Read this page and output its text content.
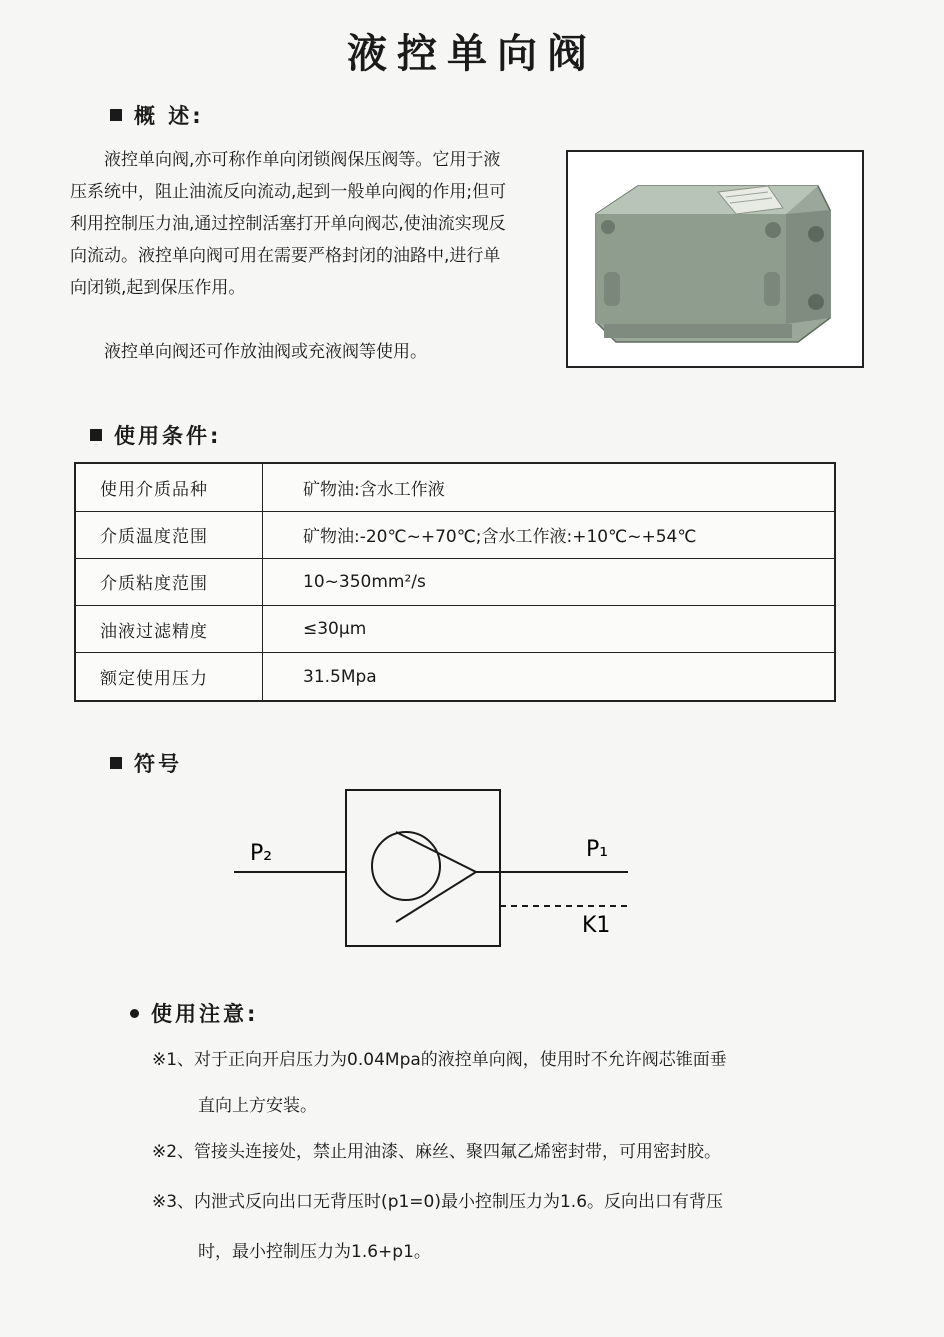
液控单向阀
概 述:

液控单向阀,亦可称作单向闭锁阀保压阀等。它用于液压系统中，阻止油流反向流动,起到一般单向阀的作用;但可利用控制压力油,通过控制活塞打开单向阀芯,使油流实现反向流动。液控单向阀可用在需要严格封闭的油路中,进行单向闭锁,起到保压作用。

液控单向阀还可作放油阀或充液阀等使用。

使用条件:
使用介质品种	矿物油:含水工作液
介质温度范围	矿物油:-20℃~+70℃;含水工作液:+10℃~+54℃
介质粘度范围	10~350mm²/s
油液过滤精度	≤30μm
额定使用压力	31.5Mpa
符号
P₂	P₁
K1
使用注意:
※1、对于正向开启压力为0.04Mpa的液控单向阀，使用时不允许阀芯锥面垂
直向上方安装。
※2、管接头连接处，禁止用油漆、麻丝、聚四氟乙烯密封带，可用密封胶。
※3、内泄式反向出口无背压时(p1=0)最小控制压力为1.6。反向出口有背压
时，最小控制压力为1.6+p1。
